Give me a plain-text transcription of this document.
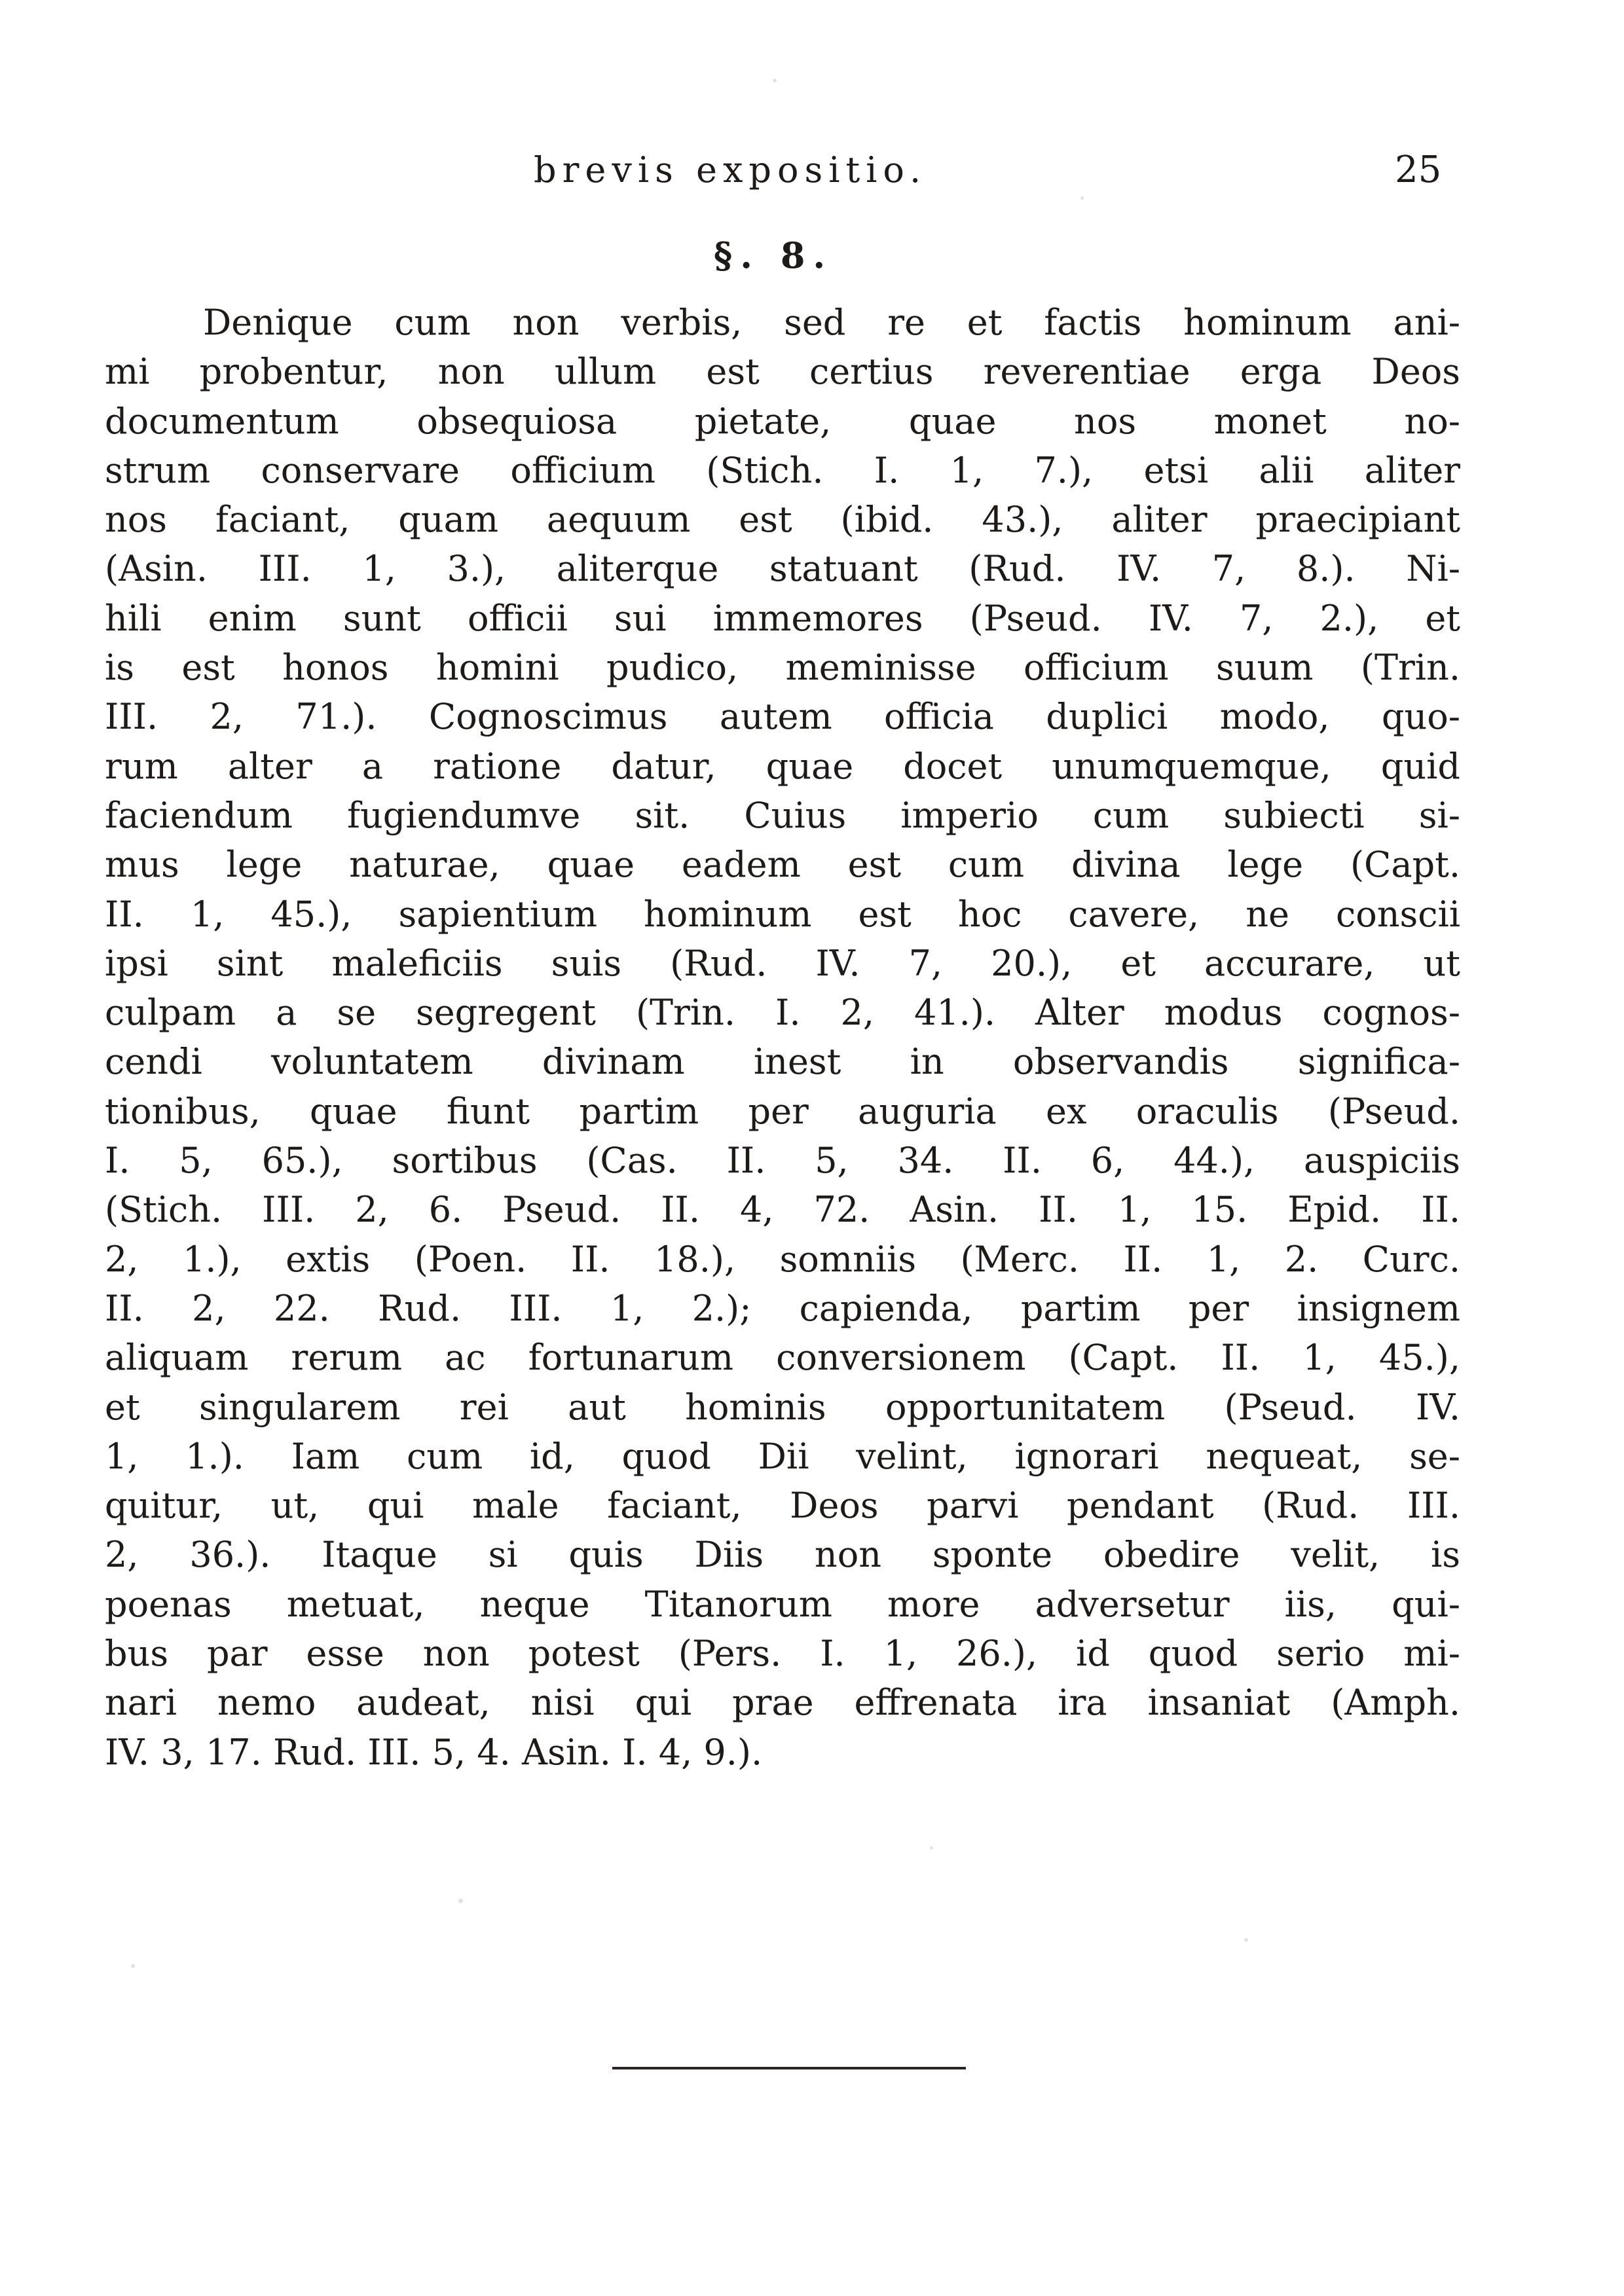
brevis expositio.	25
§. 8.
Denique cum non verbis, sed re et factis hominum ani-
mi probentur, non ullum est certius reverentiae erga Deos
documentum obsequiosa pietate, quae nos monet no-
strum conservare officium (Stich. I. 1, 7.), etsi alii aliter
nos faciant, quam aequum est (ibid. 43.), aliter praecipiant
(Asin. III. 1, 3.), aliterque statuant (Rud. IV. 7, 8.). Ni-
hili enim sunt officii sui immemores (Pseud. IV. 7, 2.), et
is est honos homini pudico, meminisse officium suum (Trin.
III. 2, 71.). Cognoscimus autem officia duplici modo, quo-
rum alter a ratione datur, quae docet unumquemque, quid
faciendum fugiendumve sit. Cuius imperio cum subiecti si-
mus lege naturae, quae eadem est cum divina lege (Capt.
II. 1, 45.), sapientium hominum est hoc cavere, ne conscii
ipsi sint maleficiis suis (Rud. IV. 7, 20.), et accurare, ut
culpam a se segregent (Trin. I. 2, 41.). Alter modus cognos-
cendi voluntatem divinam inest in observandis significa-
tionibus, quae fiunt partim per auguria ex oraculis (Pseud.
I. 5, 65.), sortibus (Cas. II. 5, 34. II. 6, 44.), auspiciis
(Stich. III. 2, 6. Pseud. II. 4, 72. Asin. II. 1, 15. Epid. II.
2, 1.), extis (Poen. II. 18.), somniis (Merc. II. 1, 2. Curc.
II. 2, 22. Rud. III. 1, 2.); capienda, partim per insignem
aliquam rerum ac fortunarum conversionem (Capt. II. 1, 45.),
et singularem rei aut hominis opportunitatem (Pseud. IV.
1, 1.). Iam cum id, quod Dii velint, ignorari nequeat, se-
quitur, ut, qui male faciant, Deos parvi pendant (Rud. III.
2, 36.). Itaque si quis Diis non sponte obedire velit, is
poenas metuat, neque Titanorum more adversetur iis, qui-
bus par esse non potest (Pers. I. 1, 26.), id quod serio mi-
nari nemo audeat, nisi qui prae effrenata ira insaniat (Amph.
IV. 3, 17. Rud. III. 5, 4. Asin. I. 4, 9.).
